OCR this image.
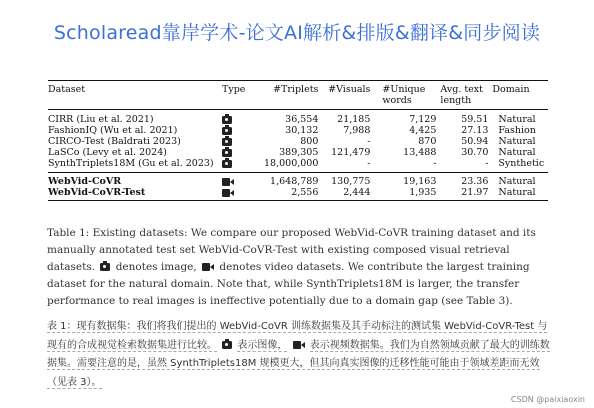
Scholaread靠岸学术-论文AI解析&排版&翻译&同步阅读
Dataset	Type	#Triplets	#Visuals	#Unique words	Avg. text length	Domain
CIRR (Liu et al. 2021)		36,554	21,185	7,129	59.51	Natural
FashionIQ (Wu et al. 2021)		30,132	7,988	4,425	27.13	Fashion
CIRCO-Test (Baldrati 2023)		800	-	870	50.94	Natural
LaSCo (Levy et al. 2024)		389,305	121,479	13,488	30.70	Natural
SynthTriplets18M (Gu et al. 2023)		18,000,000	-	-	-	Synthetic
WebVid-CoVR		1,648,789	130,775	19,163	23.36	Natural
WebVid-CoVR-Test		2,556	2,444	1,935	21.97	Natural
Table 1: Existing datasets: We compare our proposed WebVid-CoVR training dataset and its manually annotated test set WebVid-CoVR-Test with existing composed visual retrieval datasets. denotes image, denotes video datasets. We contribute the largest training dataset for the natural domain. Note that, while SynthTriplets18M is larger, the transfer performance to real images is ineffective potentially due to a domain gap (see Table 3).
表 1：现有数据集：我们将我们提出的 WebVid-CoVR 训练数据集及其手动标注的测试集 WebVid-CoVR-Test 与现有的合成视觉检索数据集进行比较。 表示图像， 表示视频数据集。我们为自然领域贡献了最大的训练数据集。需要注意的是，虽然 SynthTriplets18M 规模更大，但其向真实图像的迁移性能可能由于领域差距而无效（见表 3）。
CSDN @paixiaoxin
